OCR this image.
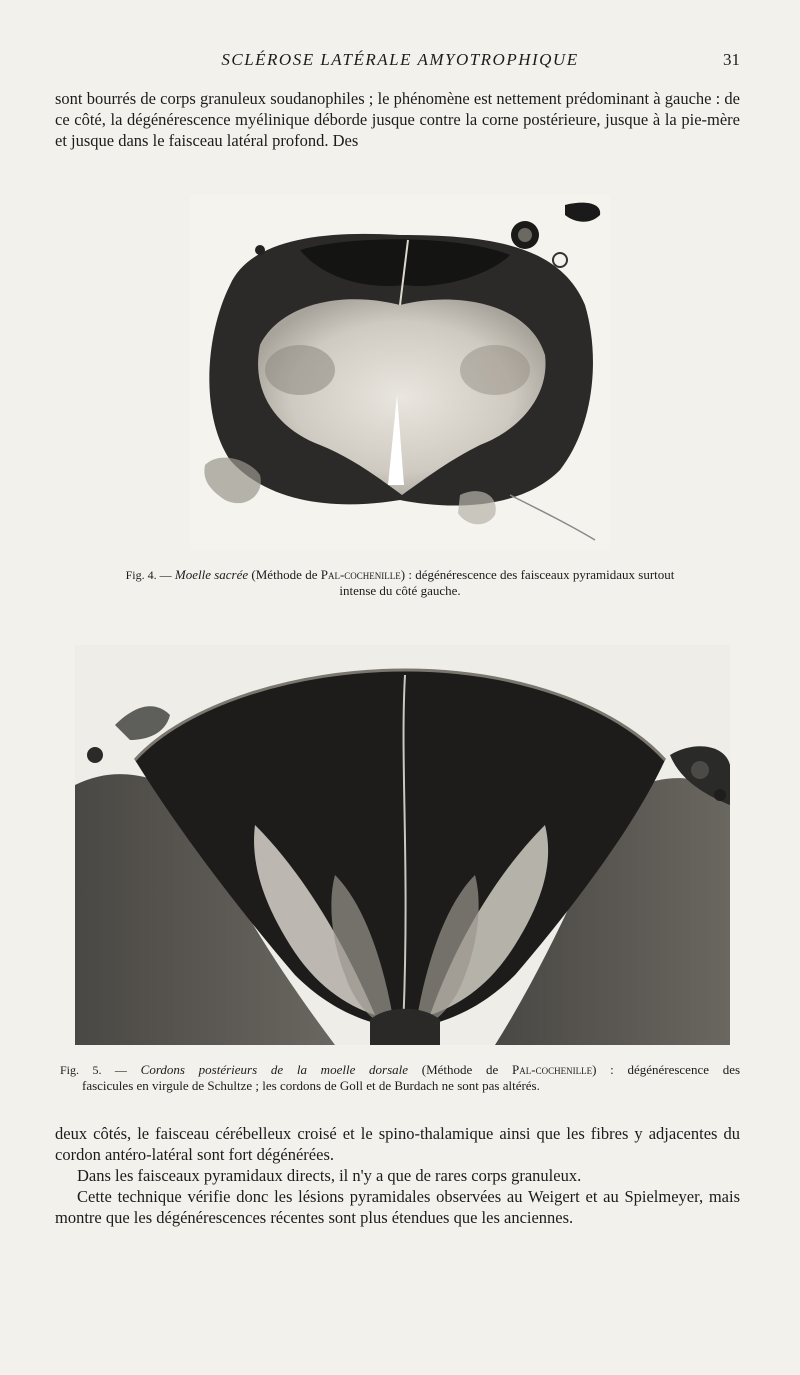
SCLÉROSE LATÉRALE AMYOTROPHIQUE	31

sont bourrés de corps granuleux soudanophiles ; le phénomène est nettement prédominant à gauche : de ce côté, la dégénérescence myélinique déborde jusque contre la corne postérieure, jusque à la pie-mère et jusque dans le faisceau latéral profond. Des

Fig. 4. — Moelle sacrée (Méthode de Pal-cochenille) : dégénérescence des faisceaux pyramidaux surtout
intense du côté gauche.
Fig. 5. — Cordons postérieurs de la moelle dorsale (Méthode de Pal-cochenille) : dégénérescence des
fascicules en virgule de Schultze ; les cordons de Goll et de Burdach ne sont pas altérés.

deux côtés, le faisceau cérébelleux croisé et le spino-thalamique ainsi que les fibres y adjacentes du cordon antéro-latéral sont fort dégénérées.

Dans les faisceaux pyramidaux directs, il n'y a que de rares corps granuleux.

Cette technique vérifie donc les lésions pyramidales observées au Weigert et au Spielmeyer, mais montre que les dégénérescences récentes sont plus étendues que les anciennes.
